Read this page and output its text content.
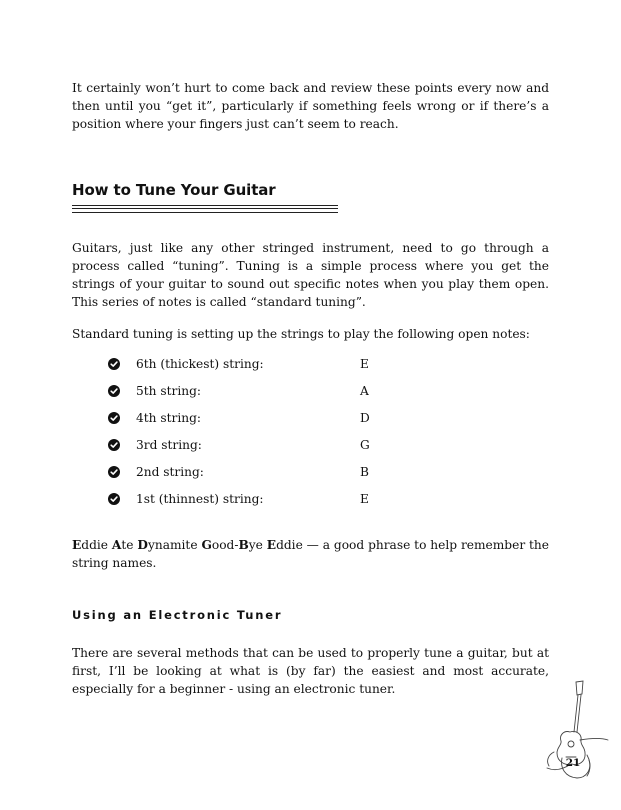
It certainly won’t hurt to come back and review these points every now and then until you “get it”, particularly if something feels wrong or if there’s a position where your fingers just can’t seem to reach.

How to Tune Your Guitar

Guitars, just like any other stringed instrument, need to go through a process called “tuning”. Tuning is a simple process where you get the strings of your guitar to sound out specific notes when you play them open. This series of notes is called “standard tuning”.

Standard tuning is setting up the strings to play the following open notes:

6th (thickest) string:	E
5th string:	A
4th string:	D
3rd string:	G
2nd string:	B
1st (thinnest) string:	E

Eddie Ate Dynamite Good-Bye Eddie — a good phrase to help remember the string names.

Using an Electronic Tuner

There are several methods that can be used to properly tune a guitar, but at first, I’ll be looking at what is (by far) the easiest and most accurate, especially for a beginner - using an electronic tuner.

21
